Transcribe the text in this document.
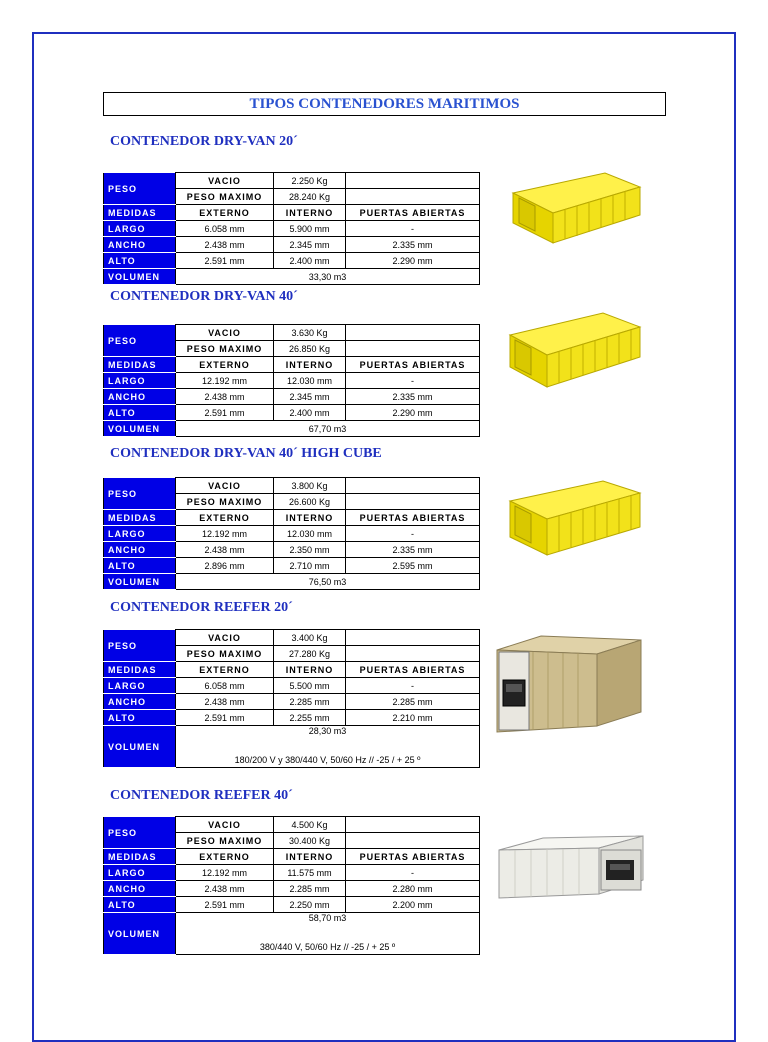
TIPOS CONTENEDORES MARITIMOS
CONTENEDOR DRY-VAN 20´
PESO	VACIO	2.250 Kg	
	PESO MAXIMO	28.240 Kg	
MEDIDAS	EXTERNO	INTERNO	PUERTAS ABIERTAS
LARGO	6.058 mm	5.900 mm	-
ANCHO	2.438 mm	2.345 mm	2.335 mm
ALTO	2.591 mm	2.400 mm	2.290 mm
VOLUMEN	33,30 m3		
CONTENEDOR DRY-VAN 40´
PESO	VACIO	3.630 Kg	
	PESO MAXIMO	26.850 Kg	
MEDIDAS	EXTERNO	INTERNO	PUERTAS ABIERTAS
LARGO	12.192 mm	12.030 mm	-
ANCHO	2.438 mm	2.345 mm	2.335 mm
ALTO	2.591 mm	2.400 mm	2.290 mm
VOLUMEN	67,70 m3		
CONTENEDOR DRY-VAN 40´ HIGH CUBE
PESO	VACIO	3.800 Kg	
	PESO MAXIMO	26.600 Kg	
MEDIDAS	EXTERNO	INTERNO	PUERTAS ABIERTAS
LARGO	12.192 mm	12.030 mm	-
ANCHO	2.438 mm	2.350 mm	2.335 mm
ALTO	2.896 mm	2.710 mm	2.595 mm
VOLUMEN	76,50 m3		
CONTENEDOR REEFER 20´
PESO	VACIO	3.400 Kg	
	PESO MAXIMO	27.280 Kg	
MEDIDAS	EXTERNO	INTERNO	PUERTAS ABIERTAS
LARGO	6.058 mm	5.500 mm	-
ANCHO	2.438 mm	2.285 mm	2.285 mm
ALTO	2.591 mm	2.255 mm	2.210 mm
VOLUMEN	28,30 m3		
	180/200 V y 380/440 V, 50/60 Hz // -25 / + 25 º		
CONTENEDOR REEFER 40´
PESO	VACIO	4.500 Kg	
	PESO MAXIMO	30.400 Kg	
MEDIDAS	EXTERNO	INTERNO	PUERTAS ABIERTAS
LARGO	12.192 mm	11.575 mm	-
ANCHO	2.438 mm	2.285 mm	2.280 mm
ALTO	2.591 mm	2.250 mm	2.200 mm
VOLUMEN	58,70 m3		
	380/440 V, 50/60 Hz // -25 / + 25 º		
